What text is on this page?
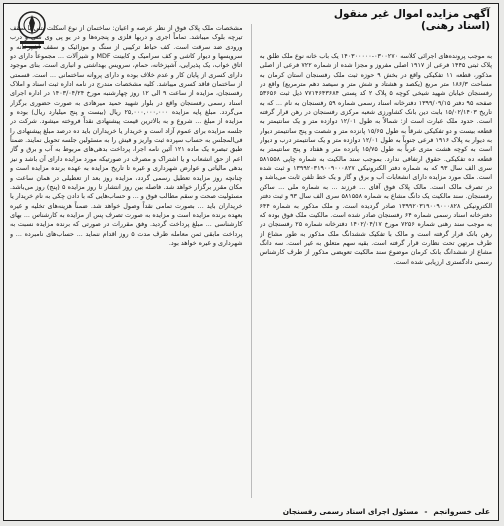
آگهی مزایده اموال غیر منقول (اسناد رهنی)
به موجب پرونده‌های اجرائی کلاسه ۰۳۰۰۲۷۰-۱۴۰۳۰۰۰۰۰ یک باب خانه نوع ملک طلق به پلاک ثبتی ۱۴۴۵ فرعی از ۱۹۱۷ اصلی مفروز و مجزا شده از شماره ۷۲۲ فرعی از اصلی مذکور، قطعه ۱۱ تفکیکی واقع در بخش ۹ حوزه ثبت ملک رفسنجان استان کرمان به مساحت ۱۸۶/۳ متر مربع (یکصد و هشتاد و شش متر و سیصد دهم مترمربع) واقع در رفسنجان خیابان شهید شیخی کوچه ۵ پلاک ۲ کد پستی ۷۷۱۴۶۴۳۶۸۴ ذیل ثبت ۵۳۶۵۶ صفحه ۹۵ دفتر ۱۳۹۹/۰۹/۱۵ دفترخانه اسناد رسمی شماره ۵۹ رفسنجان به نام ... که به تاریخ ۱۵/۰۲/۱۴۰۳ بابت دین بانک کشاورزی شعبه مرکزی رفسنجان در رهن قرار گرفته است. حدود ملک عبارت است از: شمالاً به طول ۱۲/۰۱ دوازده متر و یک سانتیمتر به قطعه بیست و دو تفکیکی شرقاً به طول ۱۵/۶۵ پانزده متر و شصت و پنج سانتیمتر دیوار به دیوار به پلاک ۱۹۱۶ فرعی جنوباً به طول ۱۲/۰۱ دوازده متر و یک سانتیمتر درب و دیوار است به کوچه هشت متری غرباً به طول ۱۵/۷۵ پانزده متر و هفتاد و پنج سانتیمتر به قطعه ده تفکیکی. حقوق ارتفاقی ندارد. بموجب سند مالکیت به شماره چاپی ۵۸۱۵۵۸ سری الف سال ۹۳ که به شماره دفتر الکترونیکی ۱۳۹۹۲۰۳۱۹۰۰۹۰۰۰۸۲۷ و ثبت شده است. ملک مورد مزایده دارای انشعابات آب و برق و گاز و یک خط تلفن ثابت می‌باشد و در تصرف مالک است. مالک پلاک فوق آقای ... فرزند ... به شماره ملی ... ساکن رفسنجان. سند مالکیت یک دانگ مشاع به شماره ۵۸۱۵۵۸ سری الف سال ۹۳ و ثبت دفتر الکترونیکی ۱۳۹۹۲۰۳۱۹۰۰۹۰۰۰۸۲۸ صادر گردیده است. و ملک مذکور به شماره ۶۴۴ دفترخانه اسناد رسمی شماره ۶۴ رفسنجان صادر شده است. مالکیت ملک فوق بوده که به موجب سند رهنی شماره ۷۲۵۶ مورخ ۱۴۰۲/۰۴/۱۷ دفترخانه شماره ۲۵ رفسنجان در رهن بانک قرار گرفته است و مالک با تفکیک ششدانگ ملک مذکور به طور مشاع از طرف مرتهن تحت نظارت قرار گرفته است. بقیه سهم متعلق به غیر است. سه دانگ مشاع از ششدانگ بانک کرمان موضوع سند مالکیت تعویضی مذکور از طرف کارشناس رسمی دادگستری ارزیابی شده است.
مشخصات ملک پلاک فوق از نظر عرصه و اعیان: ساختمان از نوع اسکلت بتنی با سقف تیرچه بلوک میباشد. تماماً اجری و دربها فلزی و پنجره‌ها و در یو پی وی سی و درب ورودی ضد سرقت است. کف حیاط ترکیبی از سنگ و موزائیک و سقف آشپزخانه و سرویسها و دیوار کاشی و کف سرامیک و کابینت MDF و شیرآلات ... مجموعاً دارای دو اتاق خواب، یک پذیرایی، آشپزخانه، حمام، سرویس بهداشتی و انباری است. بنای موجود دارای کسری از پایان کار و عدم خلاف بوده و دارای پروانه ساختمانی ... است. قسمتی از ساختمان فاقد کسری میباشد. کلیه مشخصات مندرج در نامه اداره ثبت اسناد و املاک رفسنجان، مزایده از ساعت ۹ الی ۱۲ روز چهارشنبه مورخ ۱۴۰۳/۰۴/۲۴ در اداره اجرای اسناد رسمی رفسنجان واقع در بلوار شهید حمید میرهادی به صورت حضوری برگزار می‌گردد. مبلغ پایه مزایده ۲۵,۰۰۰,۰۰۰,۰۰۰ ریال (بیست و پنج میلیارد ریال) بوده و مزایده از مبلغ ... شروع و به بالاترین قیمت پیشنهادی نقداً فروخته میشود. شرکت در جلسه مزایده برای عموم آزاد است و خریدار یا خریداران باید ده درصد مبلغ پیشنهادی را فی‌المجلس به حساب سپرده ثبت واریز و فیش را به مسئولین جلسه تحویل نمایند. ضمناً طبق تبصره یک ماده ۱۲۱ آئین نامه اجرا، پرداخت بدهی‌های مربوط به آب و برق و گاز اعم از حق انشعاب و یا اشتراک و مصرف در صورتیکه مورد مزایده دارای آن باشد و نیز بدهی مالیاتی و عوارض شهرداری و غیره تا تاریخ مزایده به عهده برنده مزایده است و چنانچه روز مزایده تعطیل رسمی گردد، مزایده روز بعد از تعطیلی در همان ساعت و مکان مقرر برگزار خواهد شد. فاصله بین روز انتشار تا روز مزایده ۵ (پنج) روز می‌باشد. مسئولیت صحت و سقم مطالب فوق و ... و حساب‌هایی که با دادن چکی به نام خریدار یا خریداران باید ... بصورت تمامی نقداً وصول خواهد شد. ضمناً هزینه‌های تخلیه و غیره بعهده برنده مزایده است و مزایده به صورت تصرف پس از مزایده به کارشناس ... بهای کارشناسی ... مبلغ پرداخت گردید. وفق مقررات در صورتی که برنده مزایده نسبت به پرداخت مابقی ثمن معامله ظرف مدت ۵ روز اقدام ننماید ... حساب‌های نامبرده ... و شهرداری و غیره خواهد بود.
علی خسروانجم
-
مسئول اجرای اسناد رسمی رفسنجان
